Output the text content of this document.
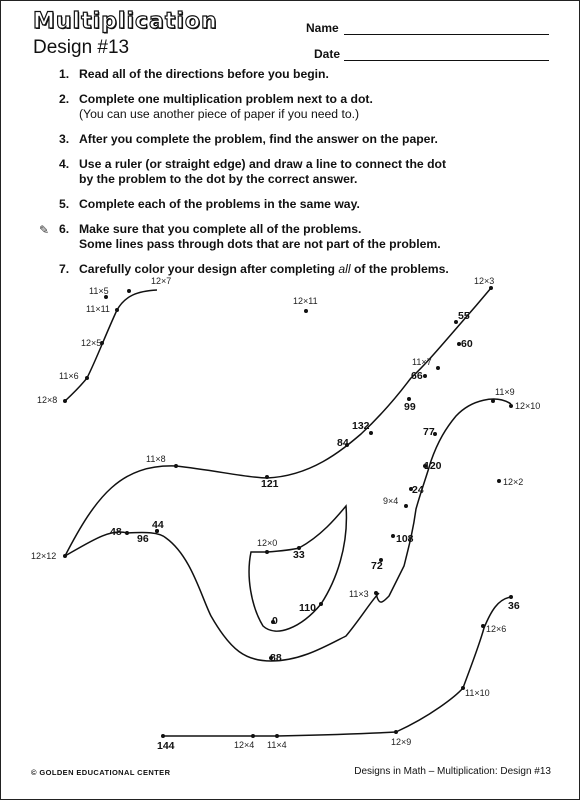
Multiplication
Design #13
Name
Date
1. Read all of the directions before you begin.
2. Complete one multiplication problem next to a dot.
(You can use another piece of paper if you need to.)
3. After you complete the problem, find the answer on the paper.
4. Use a ruler (or straight edge) and draw a line to connect the dot
by the problem to the dot by the correct answer.
5. Complete each of the problems in the same way.
✎ 6. Make sure that you complete all of the problems.
Some lines pass through dots that are not part of the problem.
7. Carefully color your design after completing all of the problems.
12×7
11×5
11×11
12×5
11×6
12×8
12×11
12×3
11×7
11×9
12×10
11×8
12×2
9×4
12×12
12×0
11×3
12×6
11×10
12×4 11×4	12×9
55
60
66
99
132
84
77
120
121	24
108
48
96
44
33
72
110
0
88
36
144
© GOLDEN EDUCATIONAL CENTER	Designs in Math – Multiplication: Design #13
